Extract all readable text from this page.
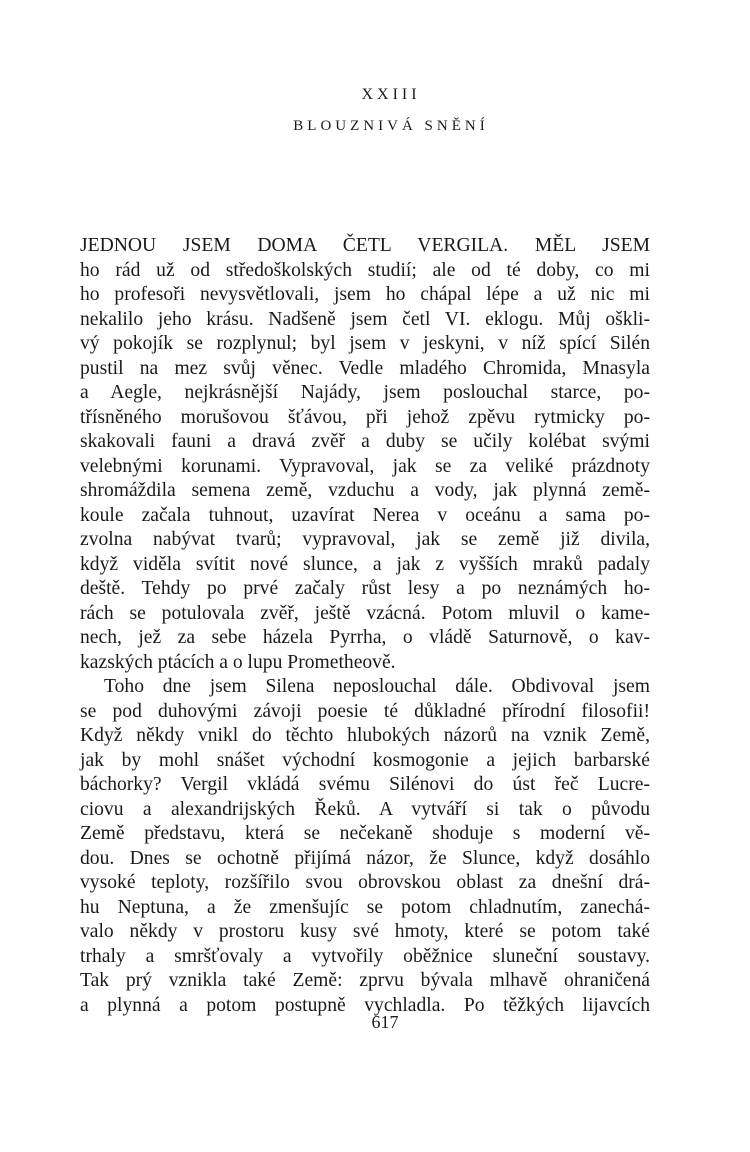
XXIII
BLOUZNIVÁ SNĚNÍ
JEDNOU JSEM DOMA ČETL VERGILA. MĚL JSEM
ho rád už od středoškolských studií; ale od té doby, co mi
ho profesoři nevysvětlovali, jsem ho chápal lépe a už nic mi
nekalilo jeho krásu. Nadšeně jsem četl VI. eklogu. Můj oškli-
vý pokojík se rozplynul; byl jsem v jeskyni, v níž spící Silén
pustil na mez svůj věnec. Vedle mladého Chromida, Mnasyla
a Aegle, nejkrásnější Najády, jsem poslouchal starce, po-
třísněného morušovou šťávou, při jehož zpěvu rytmicky po-
skakovali fauni a dravá zvěř a duby se učily kolébat svými
velebnými korunami. Vypravoval, jak se za veliké prázdnoty
shromáždila semena země, vzduchu a vody, jak plynná země-
koule začala tuhnout, uzavírat Nerea v oceánu a sama po-
zvolna nabývat tvarů; vypravoval, jak se země již divila,
když viděla svítit nové slunce, a jak z vyšších mraků padaly
deště. Tehdy po prvé začaly růst lesy a po neznámých ho-
rách se potulovala zvěř, ještě vzácná. Potom mluvil o kame-
nech, jež za sebe házela Pyrrha, o vládě Saturnově, o kav-
kazských ptácích a o lupu Prometheově.
Toho dne jsem Silena neposlouchal dále. Obdivoval jsem
se pod duhovými závoji poesie té důkladné přírodní filosofii!
Když někdy vnikl do těchto hlubokých názorů na vznik Země,
jak by mohl snášet východní kosmogonie a jejich barbarské
báchorky? Vergil vkládá svému Silénovi do úst řeč Lucre-
ciovu a alexandrijských Řeků. A vytváří si tak o původu
Země představu, která se nečekaně shoduje s moderní vě-
dou. Dnes se ochotně přijímá názor, že Slunce, když dosáhlo
vysoké teploty, rozšířilo svou obrovskou oblast za dnešní drá-
hu Neptuna, a že zmenšujíc se potom chladnutím, zanechá-
valo někdy v prostoru kusy své hmoty, které se potom také
trhaly a smršťovaly a vytvořily oběžnice sluneční soustavy.
Tak prý vznikla také Země: zprvu bývala mlhavě ohraničená
a plynná a potom postupně vychladla. Po těžkých lijavcích
617
